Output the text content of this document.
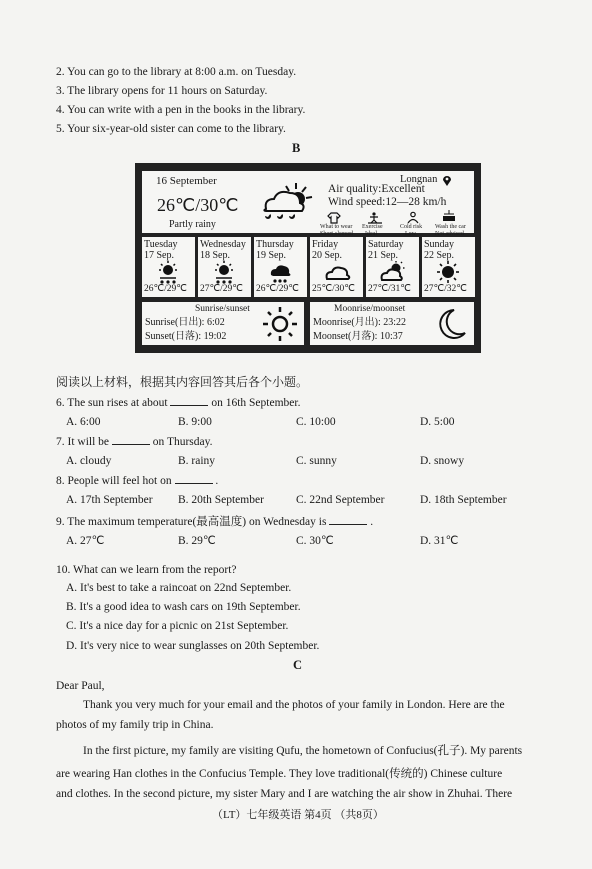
2. You can go to the library at 8:00 a.m. on Tuesday.
3. The library opens for 11 hours on Saturday.
4. You can write with a pen in the books in the library.
5. Your six-year-old sister can come to the library.
B
16 September
26℃/30℃
Partly rainy
Longnan
Air quality:Excellent
Wind speed:12—28 km/h
What to wear
Short-sleeved
Exercise
Ideal
Cold risk
Low
Wash the car
Not advised
Tuesday
17 Sep.
26℃/29℃
Wednesday
18 Sep.
27℃/29℃
Thursday
19 Sep.
26℃/29℃
Friday
20 Sep.
25℃/30℃
Saturday
21 Sep.
27℃/31℃
Sunday
22 Sep.
27℃/32℃
Sunrise/sunset
Sunrise(日出): 6:02
Sunset(日落): 19:02
Moonrise/moonset
Moonrise(月出): 23:22
Moonset(月落): 10:37
阅读以上材料，根据其内容回答其后各个小题。
6. The sun rises at about	on 16th September.
A. 6:00	B. 9:00	C. 10:00	D. 5:00
7. It will be	on Thursday.
A. cloudy	B. rainy	C. sunny	D. snowy
8. People will feel hot on	.
A. 17th September B. 20th September	C. 22nd September	D. 18th September
9. The maximum temperature(最高温度) on Wednesday is	.
A. 27℃	B. 29℃	C. 30℃	D. 31℃
10. What can we learn from the report?
A. It's best to take a raincoat on 22nd September.
B. It's a good idea to wash cars on 19th September.
C. It's a nice day for a picnic on 21st September.
D. It's very nice to wear sunglasses on 20th September.
C
Dear Paul,
Thank you very much for your email and the photos of your family in London. Here are the
photos of my family trip in China.
In the first picture, my family are visiting Qufu, the hometown of Confucius(孔子). My parents
are wearing Han clothes in the Confucius Temple. They love traditional(传统的) Chinese culture
and clothes. In the second picture, my sister Mary and I are watching the air show in Zhuhai. There
（LT）七年级英语 第4页 （共8页）
